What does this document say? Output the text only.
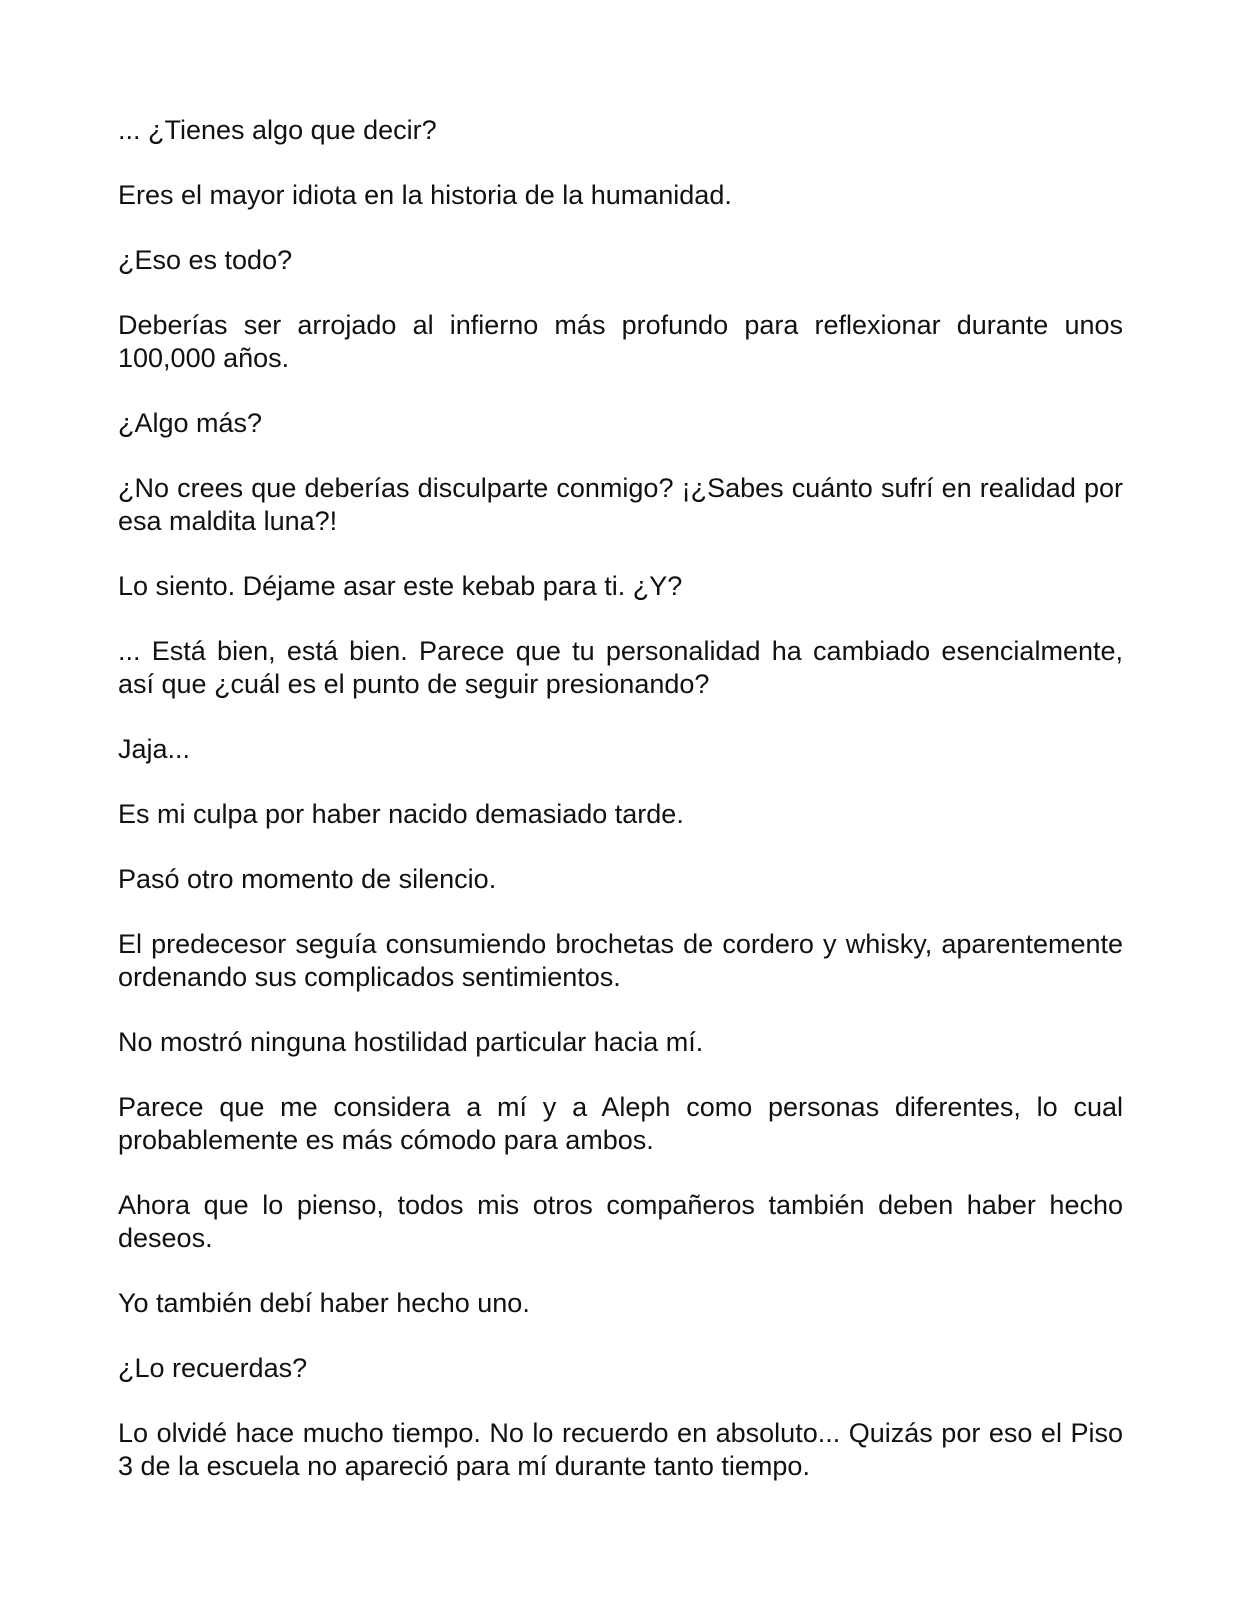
... ¿Tienes algo que decir?

Eres el mayor idiota en la historia de la humanidad.

¿Eso es todo?

Deberías ser arrojado al infierno más profundo para reflexionar durante unos 100,000 años.

¿Algo más?

¿No crees que deberías disculparte conmigo? ¡¿Sabes cuánto sufrí en realidad por esa maldita luna?!

Lo siento. Déjame asar este kebab para ti. ¿Y?

... Está bien, está bien. Parece que tu personalidad ha cambiado esencialmente, así que ¿cuál es el punto de seguir presionando?

Jaja...

Es mi culpa por haber nacido demasiado tarde.

Pasó otro momento de silencio.

El predecesor seguía consumiendo brochetas de cordero y whisky, aparentemente ordenando sus complicados sentimientos.

No mostró ninguna hostilidad particular hacia mí.

Parece que me considera a mí y a Aleph como personas diferentes, lo cual probablemente es más cómodo para ambos.

Ahora que lo pienso, todos mis otros compañeros también deben haber hecho deseos.

Yo también debí haber hecho uno.

¿Lo recuerdas?

Lo olvidé hace mucho tiempo. No lo recuerdo en absoluto... Quizás por eso el Piso 3 de la escuela no apareció para mí durante tanto tiempo.
